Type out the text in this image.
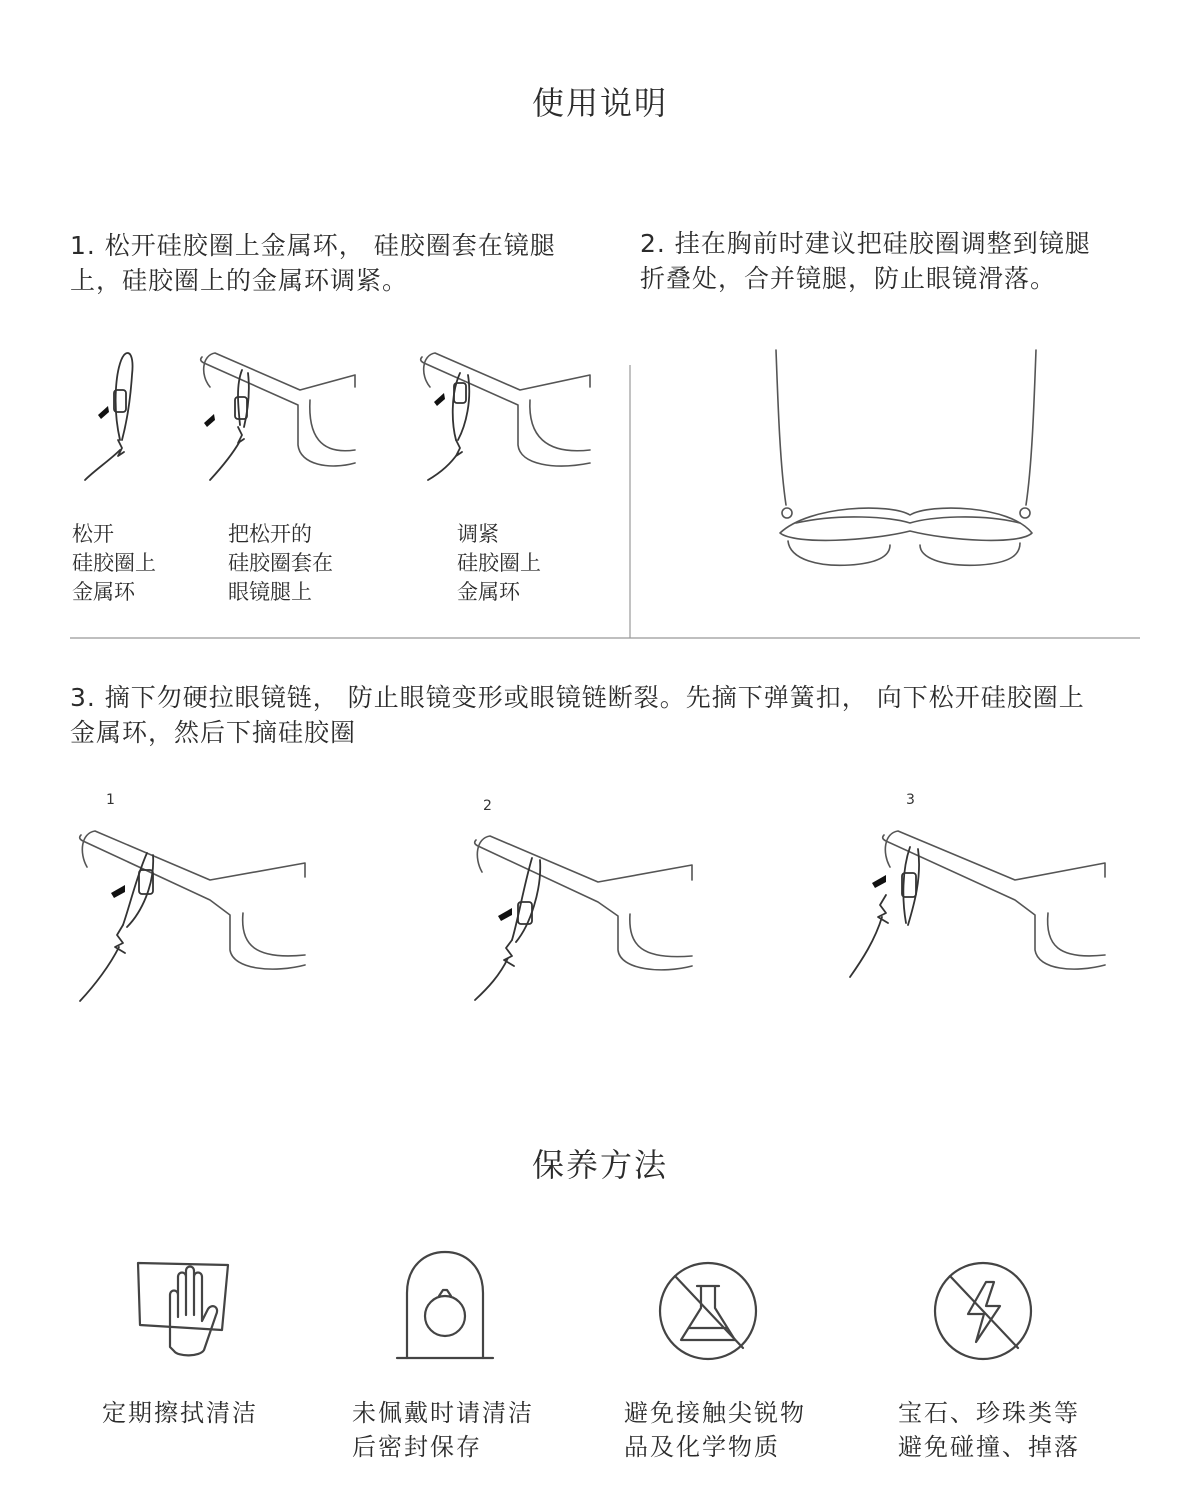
使用说明
1. 松开硅胶圈上金属环， 硅胶圈套在镜腿
上，硅胶圈上的金属环调紧。
2. 挂在胸前时建议把硅胶圈调整到镜腿
折叠处，合并镜腿，防止眼镜滑落。
松开
硅胶圈上
金属环
把松开的
硅胶圈套在
眼镜腿上
调紧
硅胶圈上
金属环
3. 摘下勿硬拉眼镜链， 防止眼镜变形或眼镜链断裂。先摘下弹簧扣， 向下松开硅胶圈上
金属环，然后下摘硅胶圈
1	2	3
保养方法
定期擦拭清洁	未佩戴时请清洁
后密封保存
避免接触尖锐物
品及化学物质
宝石、珍珠类等
避免碰撞、掉落
